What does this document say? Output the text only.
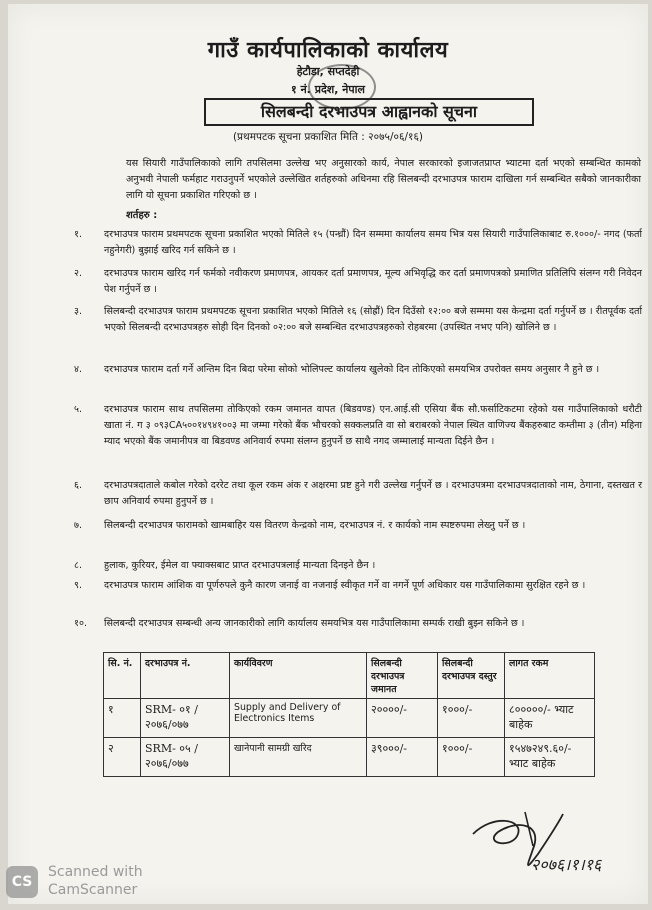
गाउँ कार्यपालिकाको कार्यालय
हेटौडा, सप्तदेही
१ नं. प्रदेश, नेपाल
सिलबन्दी दरभाउपत्र आह्वानको सूचना
(प्रथमपटक सूचना प्रकाशित मिति : २०७५/०६/१६)
यस सियारी गाउँपालिकाको लागि तपसिलमा उल्लेख भए अनुसारको कार्य, नेपाल सरकारको इजाजतप्राप्त भ्याटमा दर्ता भएको सम्बन्धित कामको अनुभवी नेपाली फर्महाट गराउनुपर्ने भएकोले उल्लेखित शर्तहरुको अधिनमा रहि सिलबन्दी दरभाउपत्र फाराम दाखिला गर्न सम्बन्धित सबैको जानकारीका लागि यो सूचना प्रकाशित गरिएको छ ।
शर्तहरु :
१.	दरभाउपत्र फाराम प्रथमपटक सूचना प्रकाशित भएको मितिले १५ (पन्ध्रौं) दिन सम्ममा कार्यालय समय भित्र यस सियारी गाउँपालिकाबाट रु.१०००/- नगद (फर्ता नहुनेगरी) बुझाई खरिद गर्न सकिने छ ।
२.	दरभाउपत्र फाराम खरिद गर्न फर्मको नवीकरण प्रमाणपत्र, आयकर दर्ता प्रमाणपत्र, मूल्य अभिवृद्धि कर दर्ता प्रमाणपत्रको प्रमाणित प्रतिलिपि संलग्न गरी निवेदन पेश गर्नुपर्ने छ ।
३.	सिलबन्दी दरभाउपत्र फाराम प्रथमपटक सूचना प्रकाशित भएको मितिले १६ (सोह्रौं) दिन दिउँसो १२:०० बजे सम्ममा यस केन्द्रमा दर्ता गर्नुपर्ने छ । रीतपूर्वक दर्ता भएको सिलबन्दी दरभाउपत्रहरु सोही दिन दिनको ०२:०० बजे सम्बन्धित दरभाउपत्रहरुको रोहबरमा (उपस्थित नभए पनि) खोलिने छ ।
४.	दरभाउपत्र फाराम दर्ता गर्ने अन्तिम दिन बिदा परेमा सोको भोलिपल्ट कार्यालय खुलेको दिन तोकिएको समयभित्र उपरोक्त समय अनुसार नै हुने छ ।
५.	दरभाउपत्र फाराम साथ तपसिलमा तोकिएको रकम जमानत वापत (बिडवण्ड) एन.आई.सी एसिया बैंक सौ.फर्साटिकटमा रहेको यस गाउँपालिकाको धरौटी खाता नं. ग ३ ०९३CA५००१४९४१००३ मा जम्मा गरेको बैंक भौचरको सक्कलप्रति वा सो बराबरको नेपाल स्थित वाणिज्य बैंकहरुबाट कम्तीमा ३ (तीन) महिना म्याद भएको बैंक जमानीपत्र वा बिडवण्ड अनिवार्य रुपमा संलग्न हुनुपर्ने छ साथै नगद जम्मालाई मान्यता दिईने छैन ।
६.	दरभाउपत्रदाताले कबोल गरेको दररेट तथा कूल रकम अंक र अक्षरमा प्रष्ट हुने गरी उल्लेख गर्नुपर्ने छ । दरभाउपत्रमा दरभाउपत्रदाताको नाम, ठेगाना, दस्तखत र छाप अनिवार्य रुपमा हुनुपर्ने छ ।
७.	सिलबन्दी दरभाउपत्र फारामको खामबाहिर यस वितरण केन्द्रको नाम, दरभाउपत्र नं. र कार्यको नाम स्पष्टरुपमा लेख्नु पर्ने छ ।
८.	हुलाक, कुरियर, ईमेल वा फ्याक्सबाट प्राप्त दरभाउपत्रलाई मान्यता दिनइने छैन ।
९.	दरभाउपत्र फाराम आंशिक वा पूर्णरुपले कुनै कारण जनाई वा नजनाई स्वीकृत गर्ने वा नगर्ने पूर्ण अधिकार यस गाउँपालिकामा सुरक्षित रहने छ ।
१०.	सिलबन्दी दरभाउपत्र सम्बन्धी अन्य जानकारीको लागि कार्यालय समयभित्र यस गाउँपालिकामा सम्पर्क राखी बुझ्न सकिने छ ।
सि. नं.	दरभाउपत्र नं.	कार्यविवरण	सिलबन्दी दरभाउपत्र जमानत	सिलबन्दी दरभाउपत्र दस्तुर	लागत रकम
१	SRM- ०१ /२०७६/०७७	Supply and Delivery of Electronics Items	२००००/-	१०००/-	८०००००/- भ्याट बाहेक
२	SRM- ०५ /२०७६/०७७	खानेपानी सामग्री खरिद	३९०००/-	१०००/-	१५४७२४९.६०/- भ्याट बाहेक
२०७६।१।१६
CS
Scanned with
CamScanner
